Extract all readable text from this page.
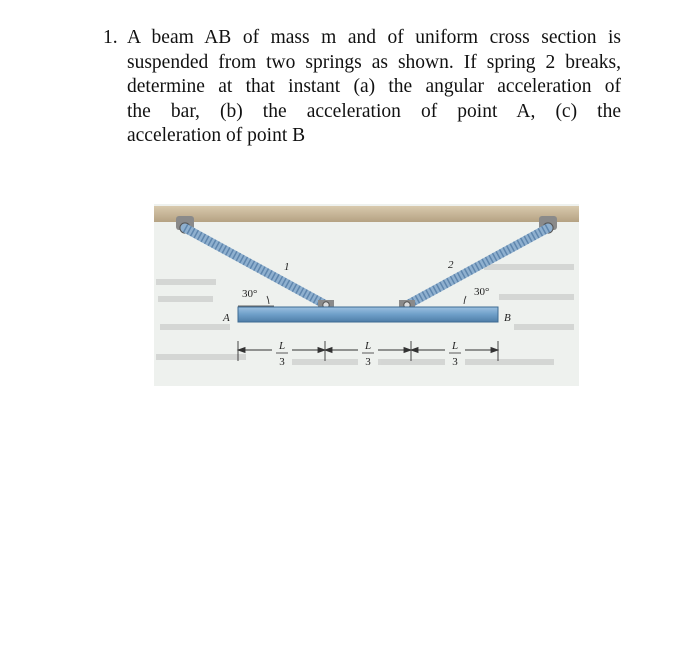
1. A beam AB of mass m and of uniform cross section is
suspended from two springs as shown. If spring 2 breaks,
determine at that instant (a) the angular acceleration of
the bar, (b) the acceleration of point A, (c) the
acceleration of point B
1	2
30°	30°
A	B
L
3
L
3
L
3
